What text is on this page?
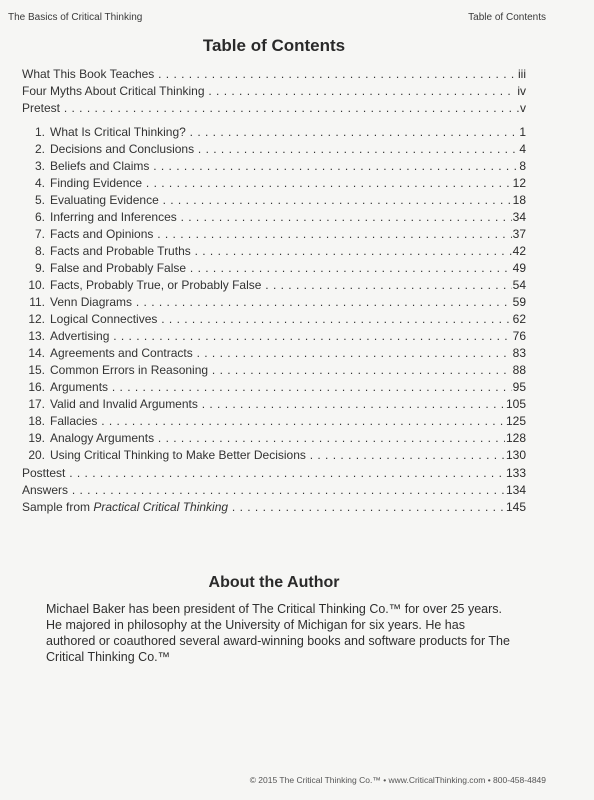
The Basics of Critical Thinking	Table of Contents
Table of Contents
What This Book Teaches . . .	iii
Four Myths About Critical Thinking . . .	iv
Pretest . . .	v
1. What Is Critical Thinking? . . .	1
2. Decisions and Conclusions . . .	4
3. Beliefs and Claims . . .	8
4. Finding Evidence . . .	12
5. Evaluating Evidence . . .	18
6. Inferring and Inferences . . .	34
7. Facts and Opinions . . .	37
8. Facts and Probable Truths . . .	42
9. False and Probably False . . .	49
10. Facts, Probably True, or Probably False . . .	54
11. Venn Diagrams . . .	59
12. Logical Connectives . . .	62
13. Advertising . . .	76
14. Agreements and Contracts . . .	83
15. Common Errors in Reasoning . . .	88
16. Arguments . . .	95
17. Valid and Invalid Arguments . . .	105
18. Fallacies . . .	125
19. Analogy Arguments . . .	128
20. Using Critical Thinking to Make Better Decisions . . .	130
Posttest . . .	133
Answers . . .	134
Sample from Practical Critical Thinking . . .	145
About the Author
Michael Baker has been president of The Critical Thinking Co.™ for over 25 years. He majored in philosophy at the University of Michigan for six years. He has authored or coauthored several award-winning books and software products for The Critical Thinking Co.™
© 2015 The Critical Thinking Co.™ • www.CriticalThinking.com • 800-458-4849
